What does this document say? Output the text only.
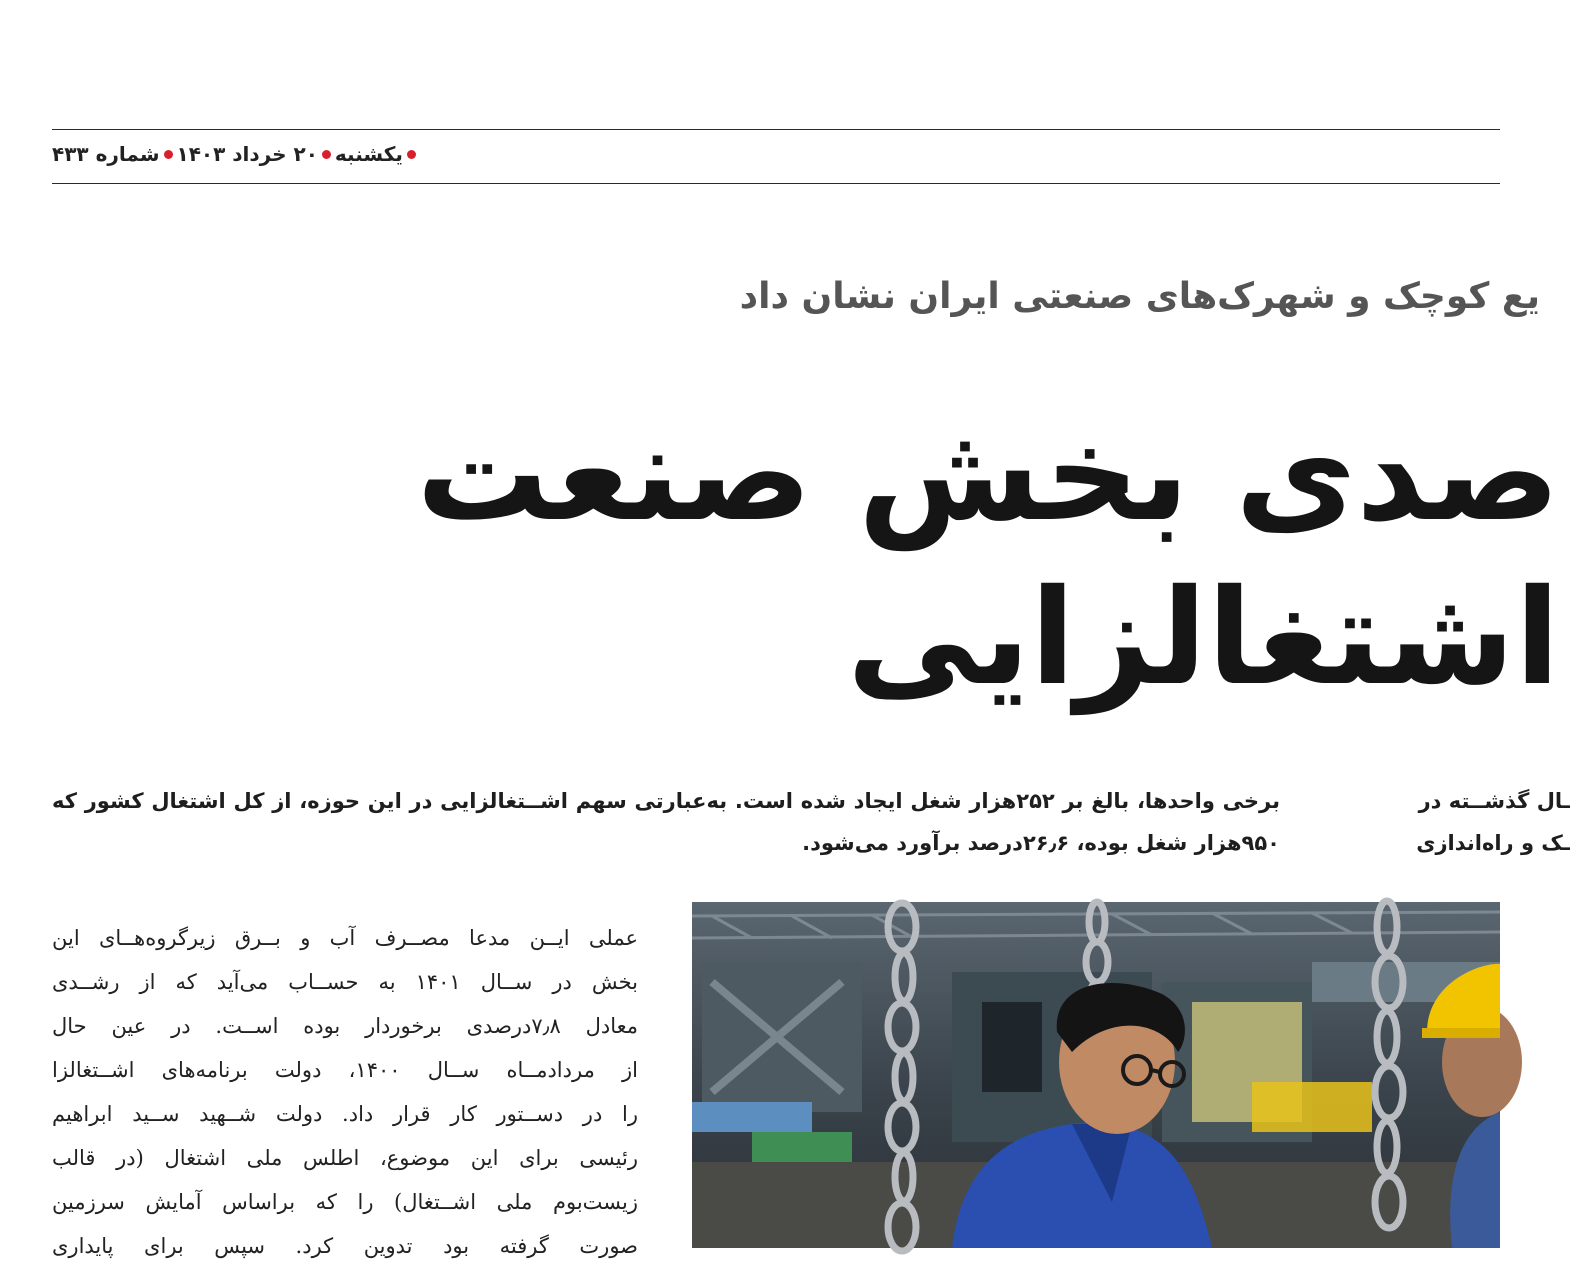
یکشنبه
۲۰ خرداد ۱۴۰۳
شماره ۴۳۳
یع کوچک و شهرک‌های صنعتی ایران نشان داد
صدی بخش صنعت
اشتغالزایی
برخی واحدها، بالغ بر ۲۵۲هزار شغل ایجاد شده است. به‌عبارتی سهم اشــتغالزایی در این حوزه، از کل اشتغال کشور که ۹۵۰هزار شغل بوده، ۲۶٫۶درصد برآورد می‌شود.
ـال گذشــته در
ـک و راه‌اندازی
عملی ایــن مدعا مصــرف آب و بــرق زیرگروه‌هــای این
بخش در ســال ۱۴۰۱ به حســاب می‌آید که از رشــدی
معادل ۷٫۸درصدی برخوردار بوده اســت. در عین حال
از مردادمــاه ســال ۱۴۰۰، دولت برنامه‌های اشــتغالزا
را در دســتور کار قرار داد. دولت شــهید ســید ابراهیم
رئیسی برای این موضوع، اطلس ملی اشتغال (در قالب
زیست‌بوم ملی اشــتغال) را که براساس آمایش سرزمین
صورت گرفته بود تدوین کرد. سپس برای پایداری
